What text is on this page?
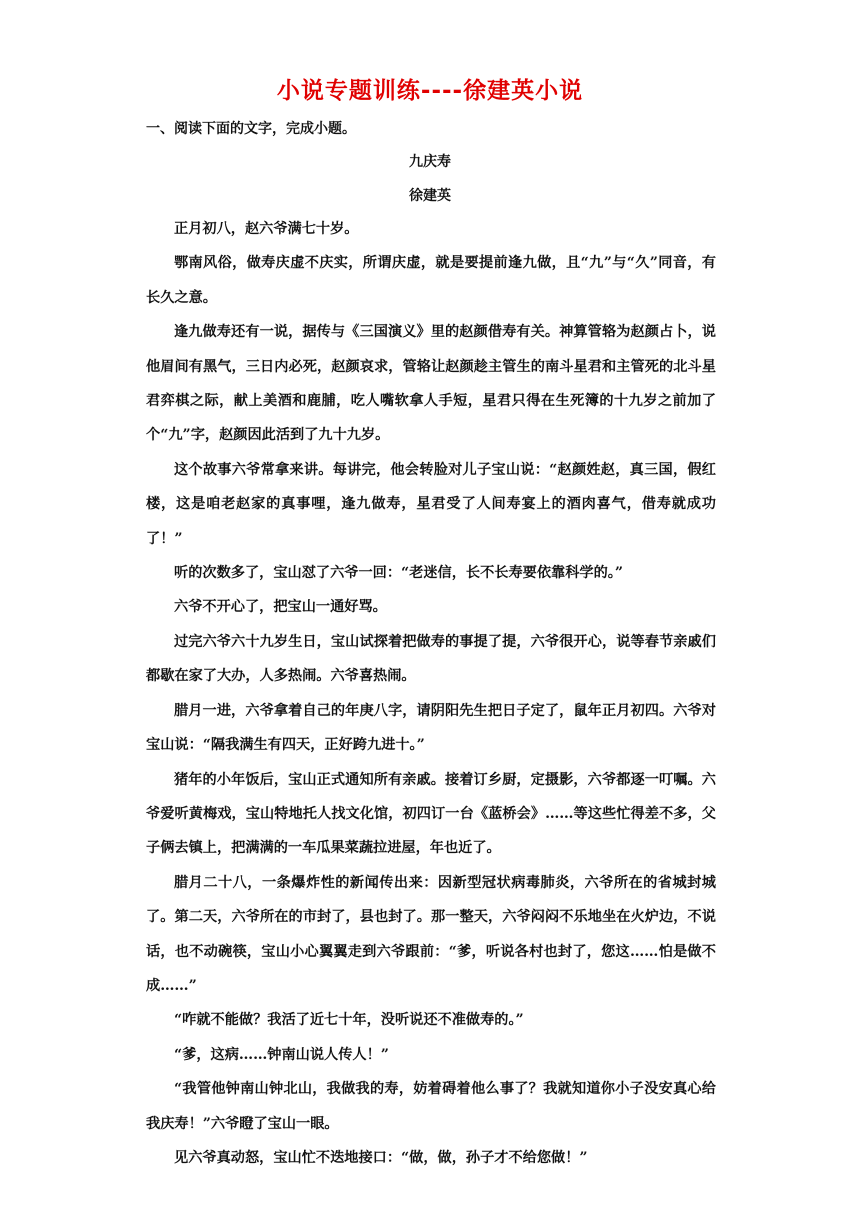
小说专题训练----徐建英小说
一、阅读下面的文字，完成小题。
九庆寿
徐建英

正月初八，赵六爷满七十岁。

鄂南风俗，做寿庆虚不庆实，所谓庆虚，就是要提前逢九做，且“九”与“久”同音，有长久之意。

逢九做寿还有一说，据传与《三国演义》里的赵颜借寿有关。神算管辂为赵颜占卜，说他眉间有黑气，三日内必死，赵颜哀求，管辂让赵颜趁主管生的南斗星君和主管死的北斗星君弈棋之际，献上美酒和鹿脯，吃人嘴软拿人手短，星君只得在生死簿的十九岁之前加了个“九”字，赵颜因此活到了九十九岁。

这个故事六爷常拿来讲。每讲完，他会转脸对儿子宝山说：“赵颜姓赵，真三国，假红楼，这是咱老赵家的真事哩，逢九做寿，星君受了人间寿宴上的酒肉喜气，借寿就成功了！”

听的次数多了，宝山怼了六爷一回：“老迷信，长不长寿要依靠科学的。”

六爷不开心了，把宝山一通好骂。

过完六爷六十九岁生日，宝山试探着把做寿的事提了提，六爷很开心，说等春节亲戚们都歇在家了大办，人多热闹。六爷喜热闹。

腊月一进，六爷拿着自己的年庚八字，请阴阳先生把日子定了，鼠年正月初四。六爷对宝山说：“隔我满生有四天，正好跨九进十。”

猪年的小年饭后，宝山正式通知所有亲戚。接着订乡厨，定摄影，六爷都逐一叮嘱。六爷爱听黄梅戏，宝山特地托人找文化馆，初四订一台《蓝桥会》……等这些忙得差不多，父子俩去镇上，把满满的一车瓜果菜蔬拉进屋，年也近了。

腊月二十八，一条爆炸性的新闻传出来：因新型冠状病毒肺炎，六爷所在的省城封城了。第二天，六爷所在的市封了，县也封了。那一整天，六爷闷闷不乐地坐在火炉边，不说话，也不动碗筷，宝山小心翼翼走到六爷跟前：“爹，听说各村也封了，您这……怕是做不成……”

“咋就不能做？我活了近七十年，没听说还不准做寿的。”

“爹，这病……钟南山说人传人！”

“我管他钟南山钟北山，我做我的寿，妨着碍着他么事了？我就知道你小子没安真心给我庆寿！”六爷瞪了宝山一眼。

见六爷真动怒，宝山忙不迭地接口：“做，做，孙子才不给您做！”
